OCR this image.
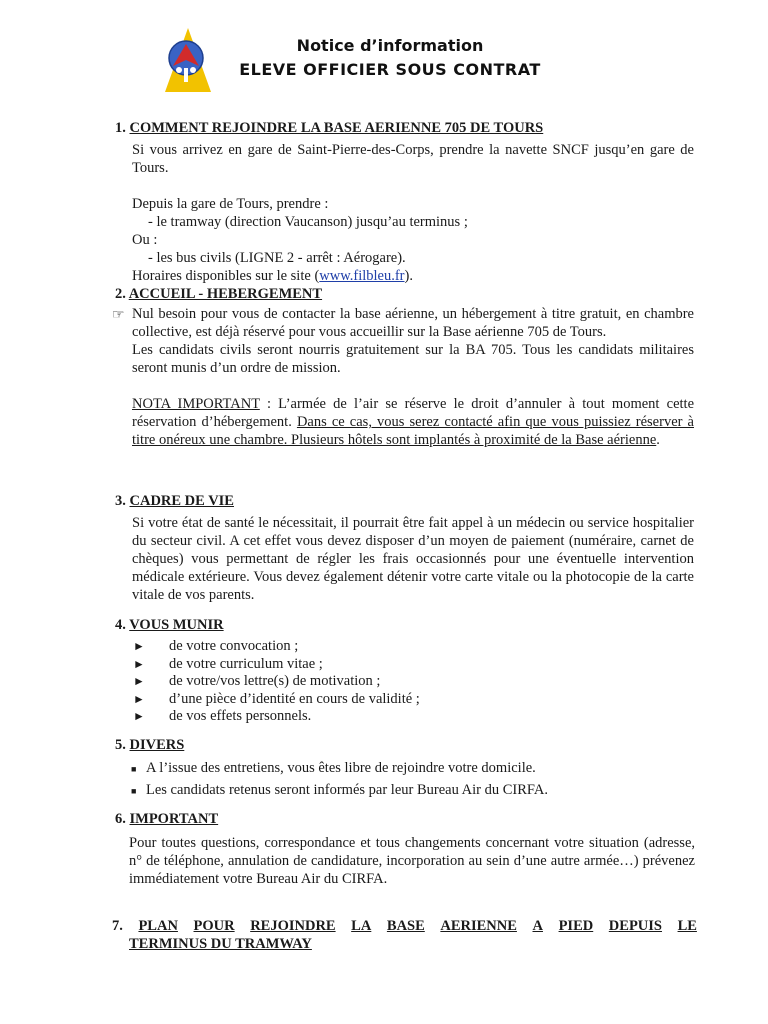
Notice d’information
ELEVE OFFICIER SOUS CONTRAT
1. COMMENT REJOINDRE LA BASE AERIENNE 705 DE TOURS

Si vous arrivez en gare de Saint-Pierre-des-Corps, prendre la navette SNCF jusqu’en gare de Tours.

Depuis la gare de Tours, prendre :

- le tramway (direction Vaucanson) jusqu’au terminus ;

Ou :

- les bus civils (LIGNE 2 - arrêt : Aérogare).

Horaires disponibles sur le site (www.filbleu.fr).

2. ACCUEIL - HEBERGEMENT
☞ Nul besoin pour vous de contacter la base aérienne, un hébergement à titre gratuit, en chambre collective, est déjà réservé pour vous accueillir sur la Base aérienne 705 de Tours.

Les candidats civils seront nourris gratuitement sur la BA 705. Tous les candidats militaires seront munis d’un ordre de mission.

NOTA IMPORTANT : L’armée de l’air se réserve le droit d’annuler à tout moment cette réservation d’hébergement. Dans ce cas, vous serez contacté afin que vous puissiez réserver à titre onéreux une chambre. Plusieurs hôtels sont implantés à proximité de la Base aérienne.

3. CADRE DE VIE

Si votre état de santé le nécessitait, il pourrait être fait appel à un médecin ou service hospitalier du secteur civil. A cet effet vous devez disposer d’un moyen de paiement (numéraire, carnet de chèques) vous permettant de régler les frais occasionnés pour une éventuelle intervention médicale extérieure. Vous devez également détenir votre carte vitale ou la photocopie de la carte vitale de vos parents.

4. VOUS MUNIR
►	de votre convocation ;
►	de votre curriculum vitae ;
►	de votre/vos lettre(s) de motivation ;
►	d’une pièce d’identité en cours de validité ;
►	de vos effets personnels.
5. DIVERS
■ A l’issue des entretiens, vous êtes libre de rejoindre votre domicile.
■ Les candidats retenus seront informés par leur Bureau Air du CIRFA.
6. IMPORTANT

Pour toutes questions, correspondance et tous changements concernant votre situation (adresse, n° de téléphone, annulation de candidature, incorporation au sein d’une autre armée…) prévenez immédiatement votre Bureau Air du CIRFA.

7. PLAN POUR REJOINDRE LA BASE AERIENNE A PIED DEPUIS LE
TERMINUS DU TRAMWAY
